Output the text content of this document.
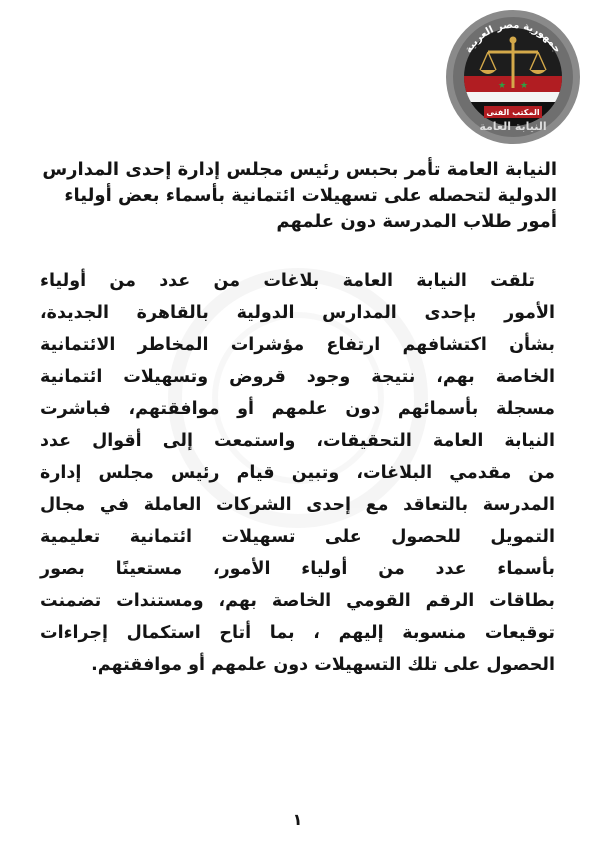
★ ★
المكتب الفنى
النيابة العامة
جمهورية مصر العربية
النيابة العامة تأمر بحبس رئيس مجلس إدارة إحدى المدارس
الدولية لتحصله على تسهيلات ائتمانية بأسماء بعض أولياء
أمور طلاب المدرسة دون علمهم
تلقت النيابة العامة بلاغات من عدد من أولياء
الأمور بإحدى المدارس الدولية بالقاهرة الجديدة،
بشأن اكتشافهم ارتفاع مؤشرات المخاطر الائتمانية
الخاصة بهم، نتيجة وجود قروض وتسهيلات ائتمانية
مسجلة بأسمائهم دون علمهم أو موافقتهم، فباشرت
النيابة العامة التحقيقات، واستمعت إلى أقوال عدد
من مقدمي البلاغات، وتبين قيام رئيس مجلس إدارة
المدرسة بالتعاقد مع إحدى الشركات العاملة في مجال
التمويل للحصول على تسهيلات ائتمانية تعليمية
بأسماء عدد من أولياء الأمور، مستعينًا بصور
بطاقات الرقم القومي الخاصة بهم، ومستندات تضمنت
توقيعات منسوبة إليهم ، بما أتاح استكمال إجراءات
الحصول على تلك التسهيلات دون علمهم أو موافقتهم.
١
